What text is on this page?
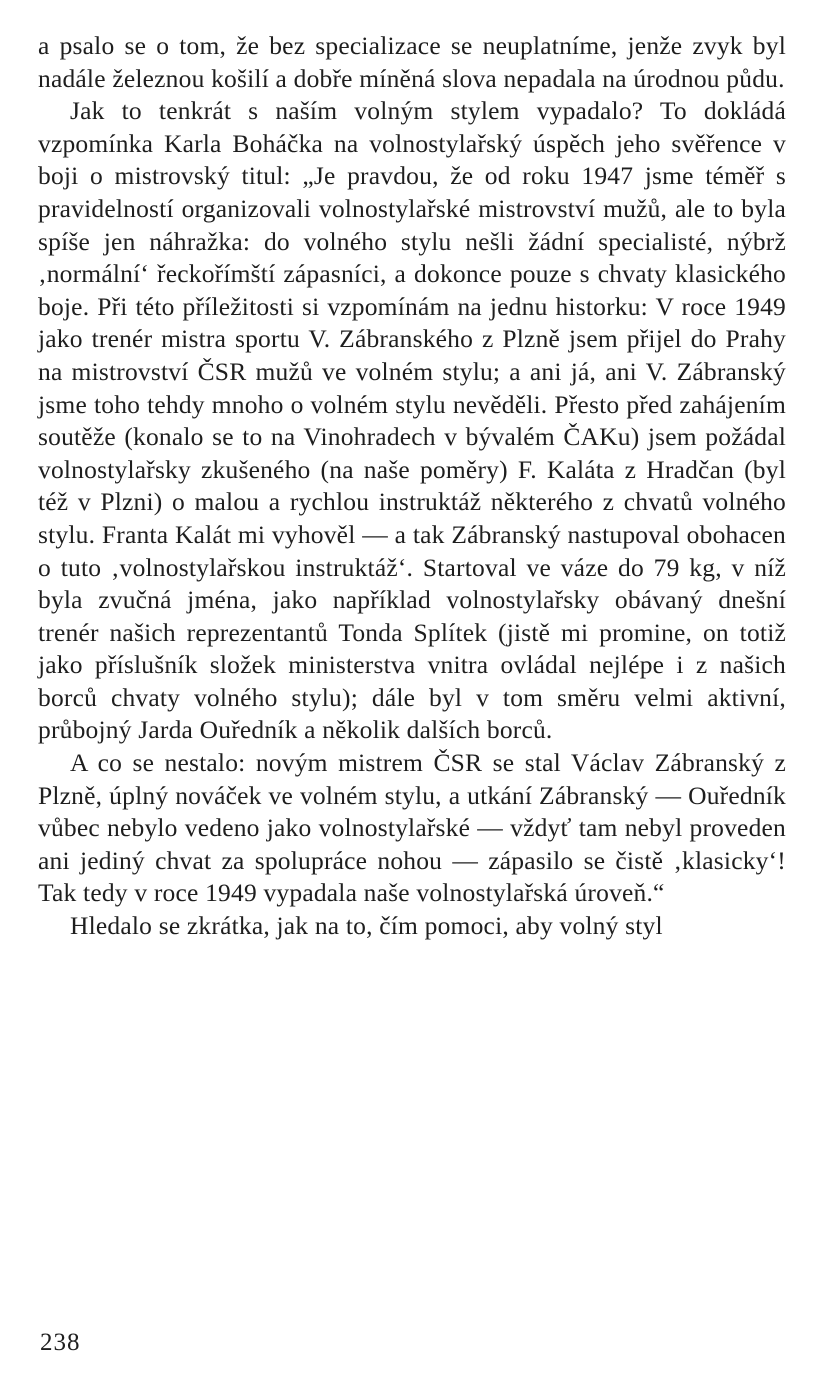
a psalo se o tom, že bez specializace se neuplatníme, jenže zvyk byl nadále železnou košilí a dobře míněná slova nepadala na úrodnou půdu.

Jak to tenkrát s naším volným stylem vypadalo? To dokládá vzpomínka Karla Boháčka na volnostylařský úspěch jeho svěřence v boji o mistrovský titul: „Je pravdou, že od roku 1947 jsme téměř s pravidelností organizovali volnostylařské mistrovství mužů, ale to byla spíše jen náhražka: do volného stylu nešli žádní specialisté, nýbrž ‚normální‘ řeckořímští zápasníci, a dokonce pouze s chvaty klasického boje. Při této příležitosti si vzpomínám na jednu historku: V roce 1949 jako trenér mistra sportu V. Zábranského z Plzně jsem přijel do Prahy na mistrovství ČSR mužů ve volném stylu; a ani já, ani V. Zábranský jsme toho tehdy mnoho o volném stylu nevěděli. Přesto před zahájením soutěže (konalo se to na Vinohradech v bývalém ČAKu) jsem požádal volnostylařsky zkušeného (na naše poměry) F. Kaláta z Hradčan (byl též v Plzni) o malou a rychlou instruktáž některého z chvatů volného stylu. Franta Kalát mi vyhověl — a tak Zábranský nastupoval obohacen o tuto ‚volnostylařskou instruktáž‘. Startoval ve váze do 79 kg, v níž byla zvučná jména, jako například volnostylařsky obávaný dnešní trenér našich reprezentantů Tonda Splítek (jistě mi promine, on totiž jako příslušník složek ministerstva vnitra ovládal nejlépe i z našich borců chvaty volného stylu); dále byl v tom směru velmi aktivní, průbojný Jarda Ouředník a několik dalších borců.

A co se nestalo: novým mistrem ČSR se stal Václav Zábranský z Plzně, úplný nováček ve volném stylu, a utkání Zábranský — Ouředník vůbec nebylo vedeno jako volnostylařské — vždyť tam nebyl proveden ani jediný chvat za spolupráce nohou — zápasilo se čistě ‚klasicky‘! Tak tedy v roce 1949 vypadala naše volnostylařská úroveň.“

Hledalo se zkrátka, jak na to, čím pomoci, aby volný styl

238
